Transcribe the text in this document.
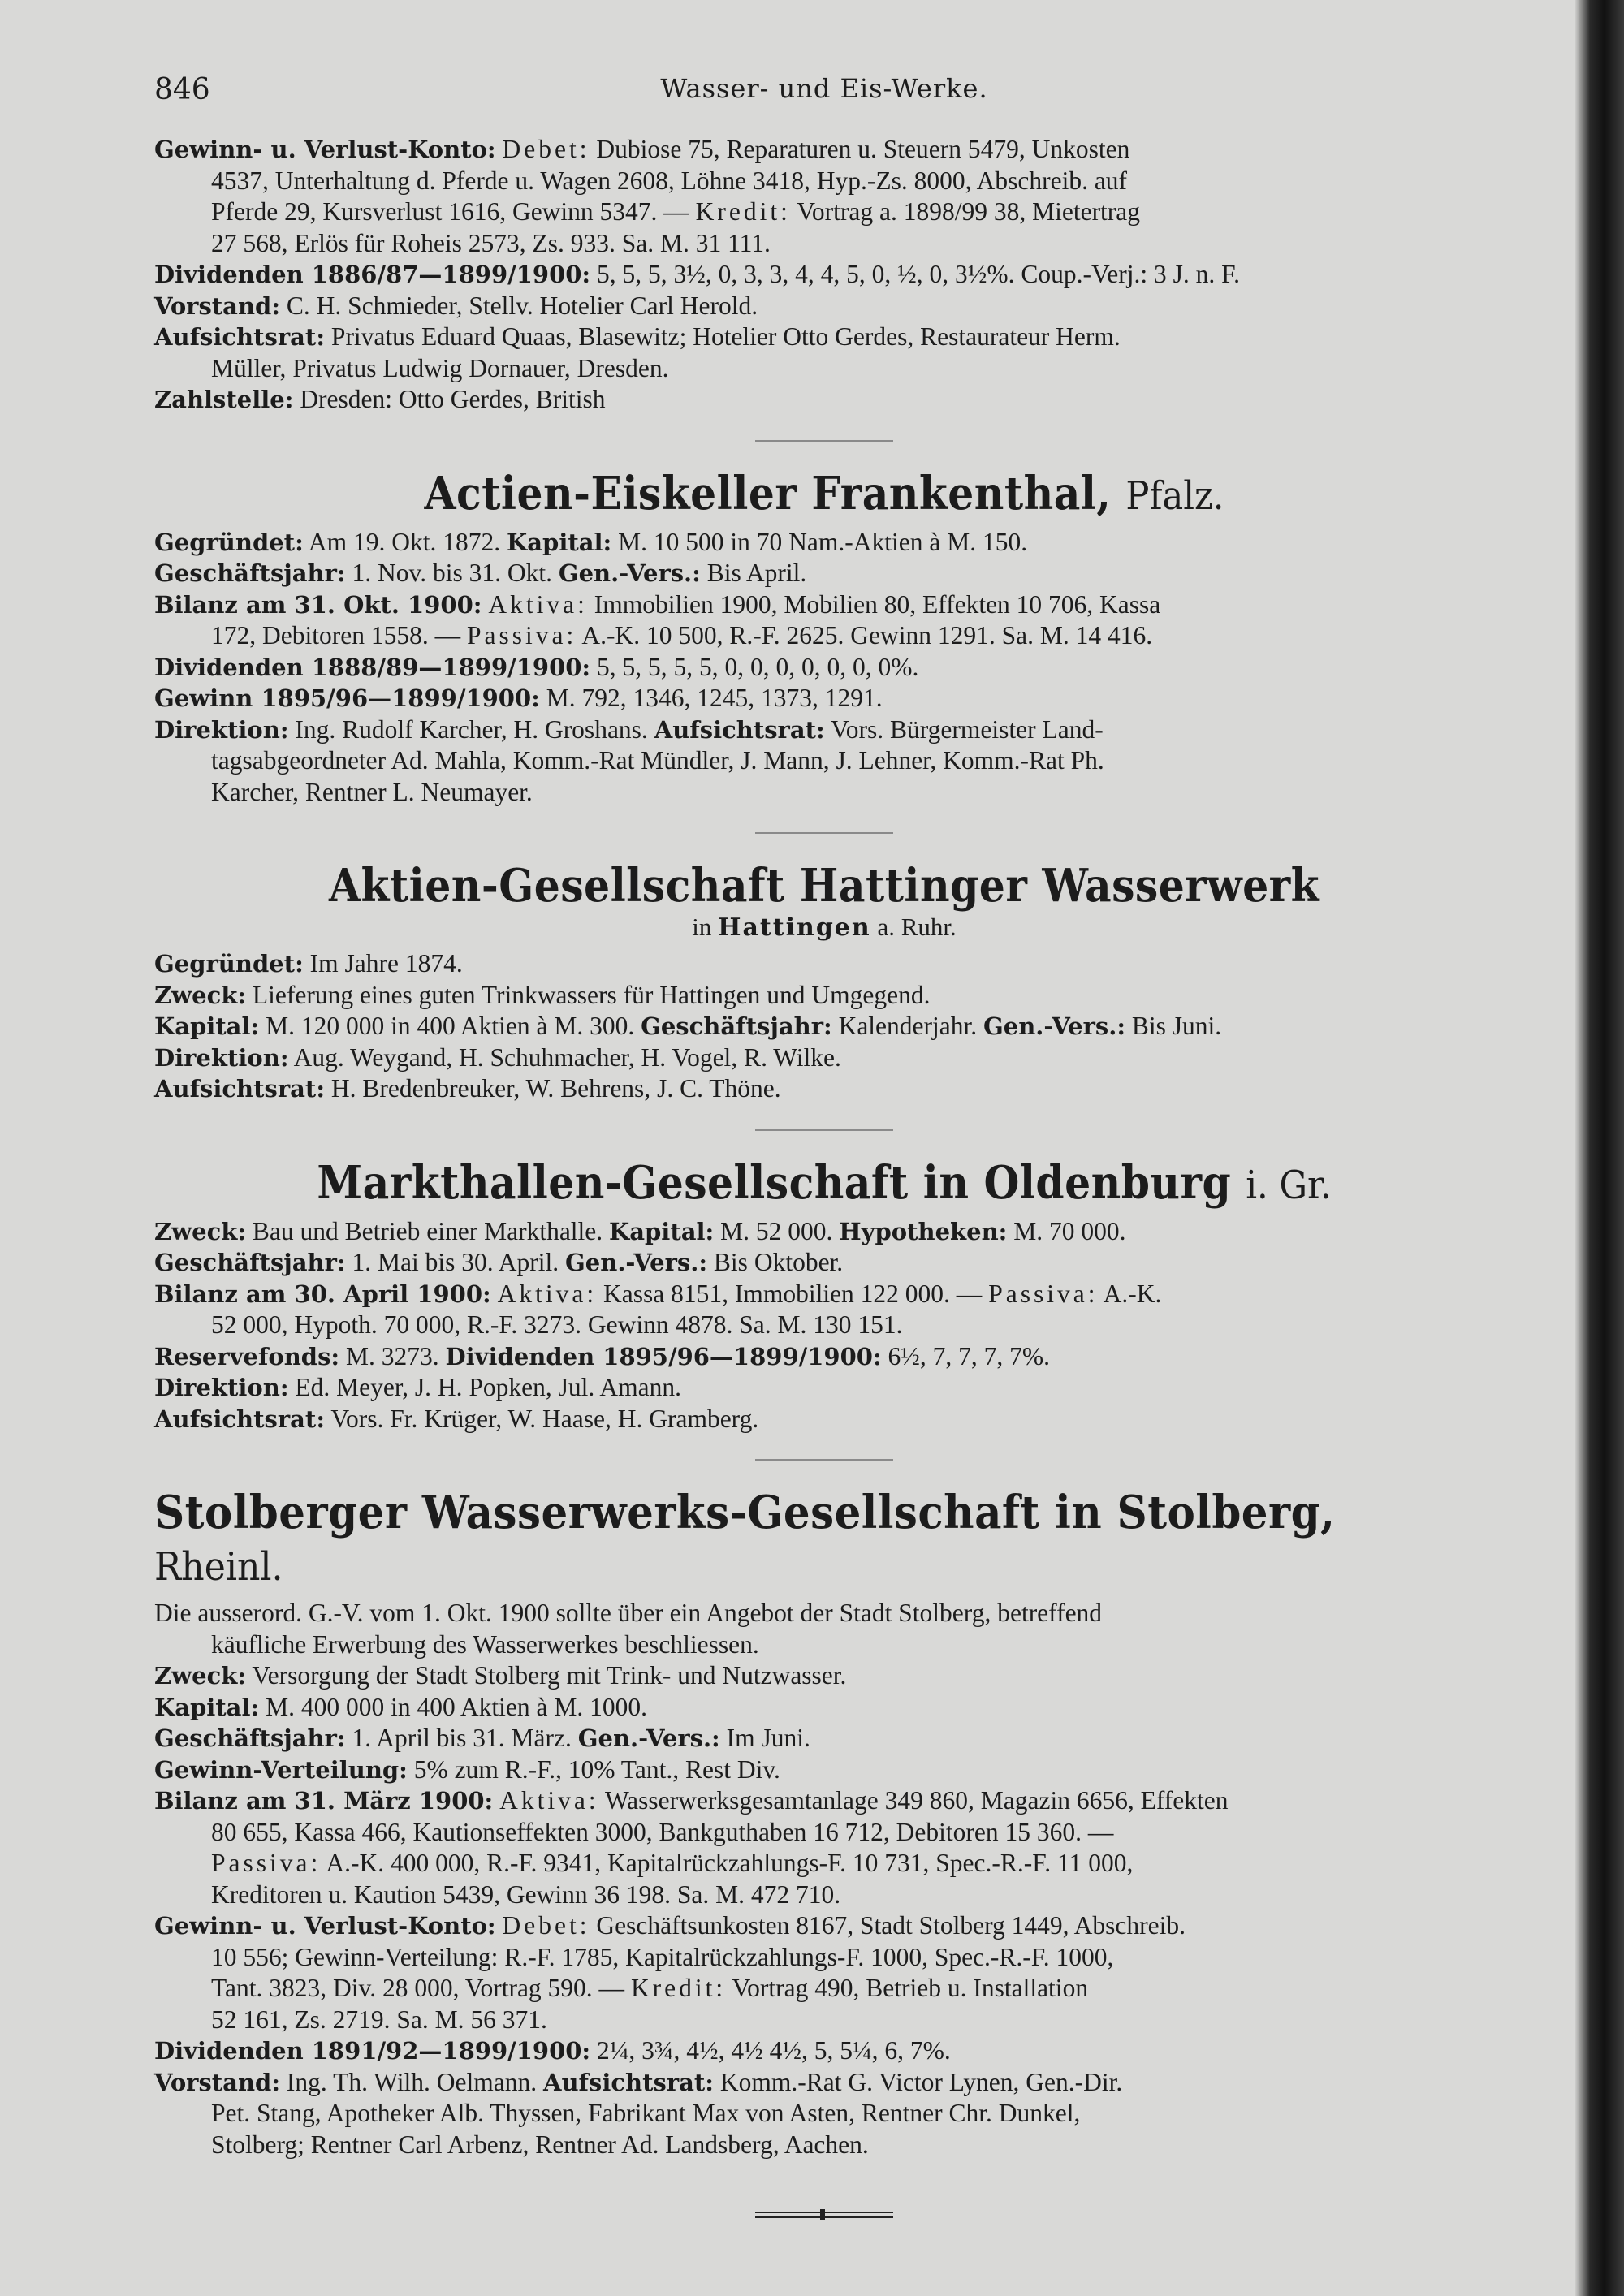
846	Wasser- und Eis-Werke.
Gewinn- u. Verlust-Konto: Debet: Dubiose 75, Reparaturen u. Steuern 5479, Unkosten
4537, Unterhaltung d. Pferde u. Wagen 2608, Löhne 3418, Hyp.-Zs. 8000, Abschreib. auf
Pferde 29, Kursverlust 1616, Gewinn 5347. — Kredit: Vortrag a. 1898/99 38, Mietertrag
27 568, Erlös für Roheis 2573, Zs. 933. Sa. M. 31 111.
Dividenden 1886/87—1899/1900: 5, 5, 5, 3½, 0, 3, 3, 4, 4, 5, 0, ½, 0, 3½%. Coup.-Verj.: 3 J. n. F.
Vorstand: C. H. Schmieder, Stellv. Hotelier Carl Herold.
Aufsichtsrat: Privatus Eduard Quaas, Blasewitz; Hotelier Otto Gerdes, Restaurateur Herm.
Müller, Privatus Ludwig Dornauer, Dresden.
Zahlstelle: Dresden: Otto Gerdes, British
Actien-Eiskeller Frankenthal, Pfalz.
Gegründet: Am 19. Okt. 1872. Kapital: M. 10 500 in 70 Nam.-Aktien à M. 150.
Geschäftsjahr: 1. Nov. bis 31. Okt. Gen.-Vers.: Bis April.
Bilanz am 31. Okt. 1900: Aktiva: Immobilien 1900, Mobilien 80, Effekten 10 706, Kassa
172, Debitoren 1558. — Passiva: A.-K. 10 500, R.-F. 2625. Gewinn 1291. Sa. M. 14 416.
Dividenden 1888/89—1899/1900: 5, 5, 5, 5, 5, 0, 0, 0, 0, 0, 0, 0%.
Gewinn 1895/96—1899/1900: M. 792, 1346, 1245, 1373, 1291.
Direktion: Ing. Rudolf Karcher, H. Groshans. Aufsichtsrat: Vors. Bürgermeister Land-
tagsabgeordneter Ad. Mahla, Komm.-Rat Mündler, J. Mann, J. Lehner, Komm.-Rat Ph.
Karcher, Rentner L. Neumayer.
Aktien-Gesellschaft Hattinger Wasserwerk
in Hattingen a. Ruhr.
Gegründet: Im Jahre 1874.
Zweck: Lieferung eines guten Trinkwassers für Hattingen und Umgegend.
Kapital: M. 120 000 in 400 Aktien à M. 300. Geschäftsjahr: Kalenderjahr. Gen.-Vers.: Bis Juni.
Direktion: Aug. Weygand, H. Schuhmacher, H. Vogel, R. Wilke.
Aufsichtsrat: H. Bredenbreuker, W. Behrens, J. C. Thöne.
Markthallen-Gesellschaft in Oldenburg i. Gr.
Zweck: Bau und Betrieb einer Markthalle. Kapital: M. 52 000. Hypotheken: M. 70 000.
Geschäftsjahr: 1. Mai bis 30. April. Gen.-Vers.: Bis Oktober.
Bilanz am 30. April 1900: Aktiva: Kassa 8151, Immobilien 122 000. — Passiva: A.-K.
52 000, Hypoth. 70 000, R.-F. 3273. Gewinn 4878. Sa. M. 130 151.
Reservefonds: M. 3273. Dividenden 1895/96—1899/1900: 6½, 7, 7, 7, 7%.
Direktion: Ed. Meyer, J. H. Popken, Jul. Amann.
Aufsichtsrat: Vors. Fr. Krüger, W. Haase, H. Gramberg.
Stolberger Wasserwerks-Gesellschaft in Stolberg, Rheinl.
Die ausserord. G.-V. vom 1. Okt. 1900 sollte über ein Angebot der Stadt Stolberg, betreffend
käufliche Erwerbung des Wasserwerkes beschliessen.
Zweck: Versorgung der Stadt Stolberg mit Trink- und Nutzwasser.
Kapital: M. 400 000 in 400 Aktien à M. 1000.
Geschäftsjahr: 1. April bis 31. März. Gen.-Vers.: Im Juni.
Gewinn-Verteilung: 5% zum R.-F., 10% Tant., Rest Div.
Bilanz am 31. März 1900: Aktiva: Wasserwerksgesamtanlage 349 860, Magazin 6656, Effekten
80 655, Kassa 466, Kautionseffekten 3000, Bankguthaben 16 712, Debitoren 15 360. —
Passiva: A.-K. 400 000, R.-F. 9341, Kapitalrückzahlungs-F. 10 731, Spec.-R.-F. 11 000,
Kreditoren u. Kaution 5439, Gewinn 36 198. Sa. M. 472 710.
Gewinn- u. Verlust-Konto: Debet: Geschäftsunkosten 8167, Stadt Stolberg 1449, Abschreib.
10 556; Gewinn-Verteilung: R.-F. 1785, Kapitalrückzahlungs-F. 1000, Spec.-R.-F. 1000,
Tant. 3823, Div. 28 000, Vortrag 590. — Kredit: Vortrag 490, Betrieb u. Installation
52 161, Zs. 2719. Sa. M. 56 371.
Dividenden 1891/92—1899/1900: 2¼, 3¾, 4½, 4½ 4½, 5, 5¼, 6, 7%.
Vorstand: Ing. Th. Wilh. Oelmann. Aufsichtsrat: Komm.-Rat G. Victor Lynen, Gen.-Dir.
Pet. Stang, Apotheker Alb. Thyssen, Fabrikant Max von Asten, Rentner Chr. Dunkel,
Stolberg; Rentner Carl Arbenz, Rentner Ad. Landsberg, Aachen.
